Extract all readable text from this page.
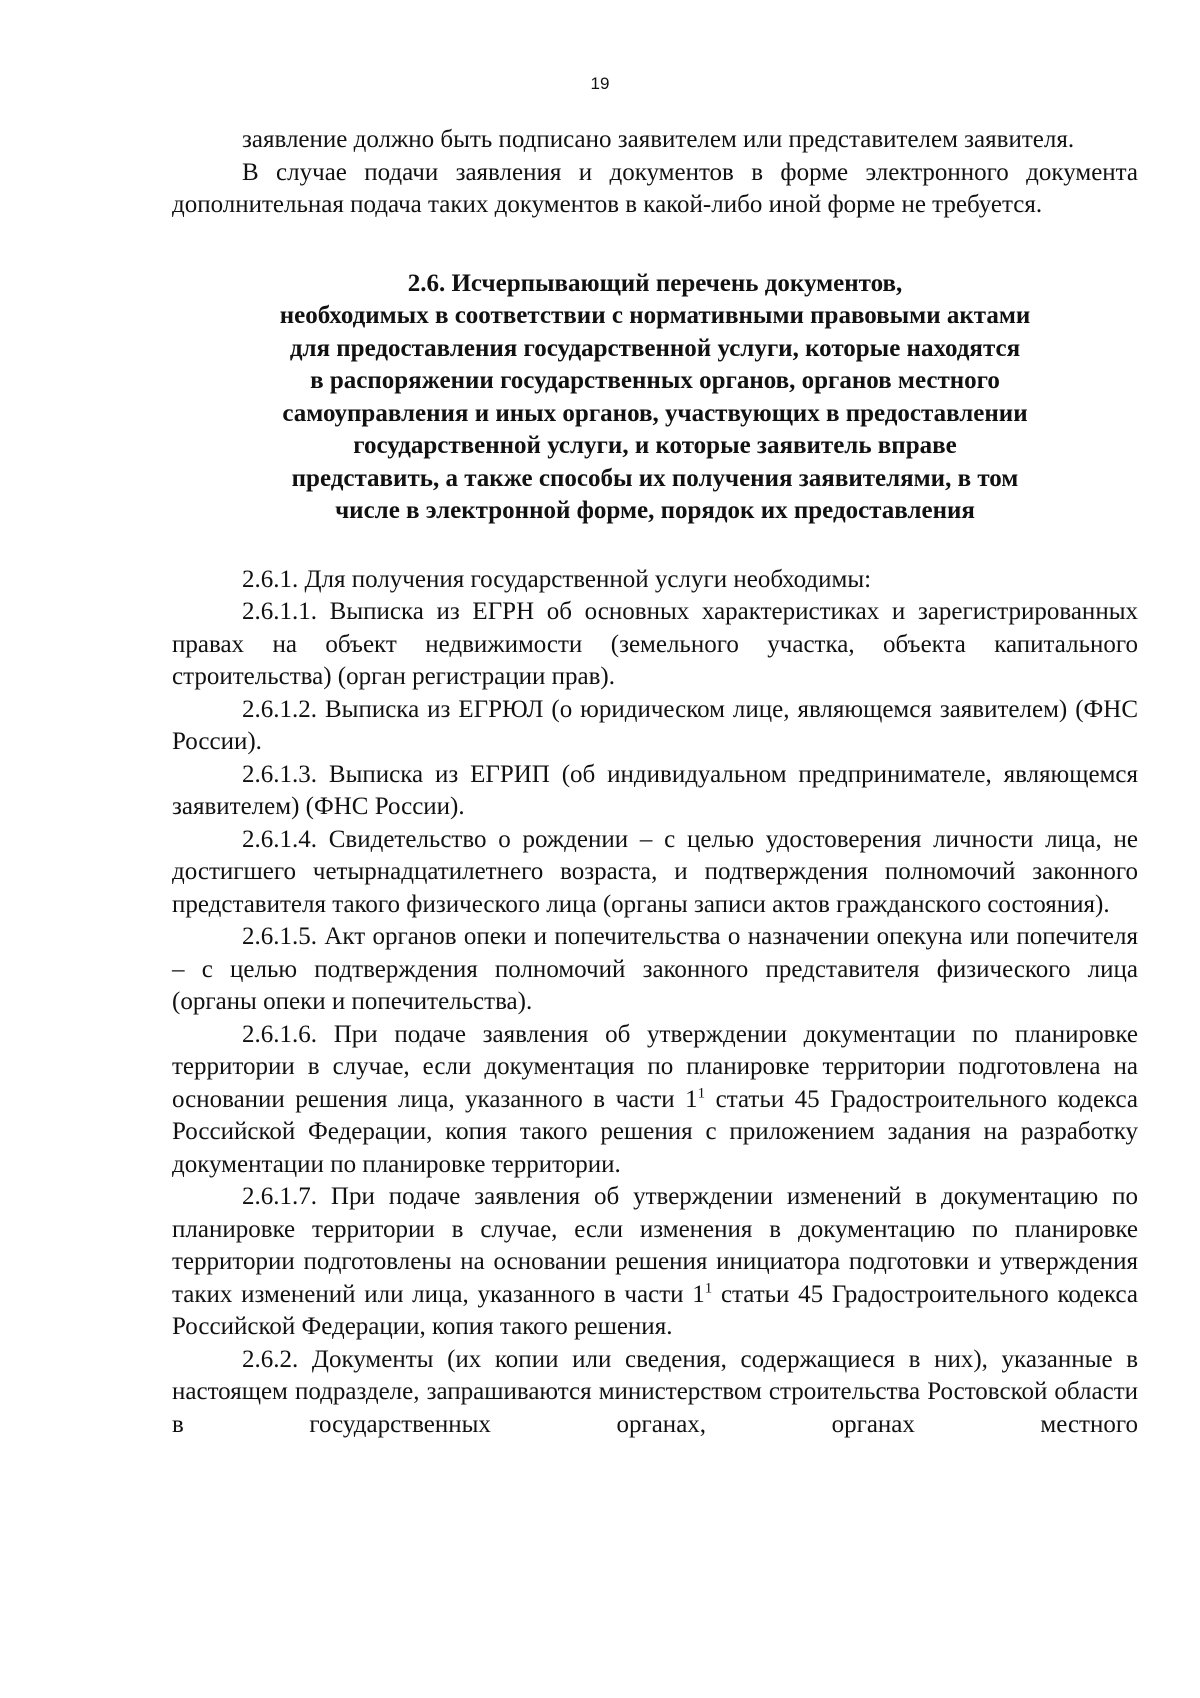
19

заявление должно быть подписано заявителем или представителем заявителя.

В случае подачи заявления и документов в форме электронного документа дополнительная подача таких документов в какой-либо иной форме не требуется.

2.6. Исчерпывающий перечень документов,
необходимых в соответствии с нормативными правовыми актами
для предоставления государственной услуги, которые находятся
в распоряжении государственных органов, органов местного
самоуправления и иных органов, участвующих в предоставлении
государственной услуги, и которые заявитель вправе
представить, а также способы их получения заявителями, в том
числе в электронной форме, порядок их предоставления

2.6.1. Для получения государственной услуги необходимы:

2.6.1.1. Выписка из ЕГРН об основных характеристиках и зарегистрированных правах на объект недвижимости (земельного участка, объекта капитального строительства) (орган регистрации прав).

2.6.1.2. Выписка из ЕГРЮЛ (о юридическом лице, являющемся заявителем) (ФНС России).

2.6.1.3. Выписка из ЕГРИП (об индивидуальном предпринимателе, являющемся заявителем) (ФНС России).

2.6.1.4. Свидетельство о рождении – с целью удостоверения личности лица, не достигшего четырнадцатилетнего возраста, и подтверждения полномочий законного представителя такого физического лица (органы записи актов гражданского состояния).

2.6.1.5. Акт органов опеки и попечительства о назначении опекуна или попечителя – с целью подтверждения полномочий законного представителя физического лица (органы опеки и попечительства).

2.6.1.6. При подаче заявления об утверждении документации по планировке территории в случае, если документация по планировке территории подготовлена на основании решения лица, указанного в части $1^1$ статьи 45 Градостроительного кодекса Российской Федерации, копия такого решения с приложением задания на разработку документации по планировке территории.

2.6.1.7. При подаче заявления об утверждении изменений в документацию по планировке территории в случае, если изменения в документацию по планировке территории подготовлены на основании решения инициатора подготовки и утверждения таких изменений или лица, указанного в части $1^1$ статьи 45 Градостроительного кодекса Российской Федерации, копия такого решения.

2.6.2. Документы (их копии или сведения, содержащиеся в них), указанные в настоящем подразделе, запрашиваются министерством строительства Ростовской области в государственных органах, органах местного
